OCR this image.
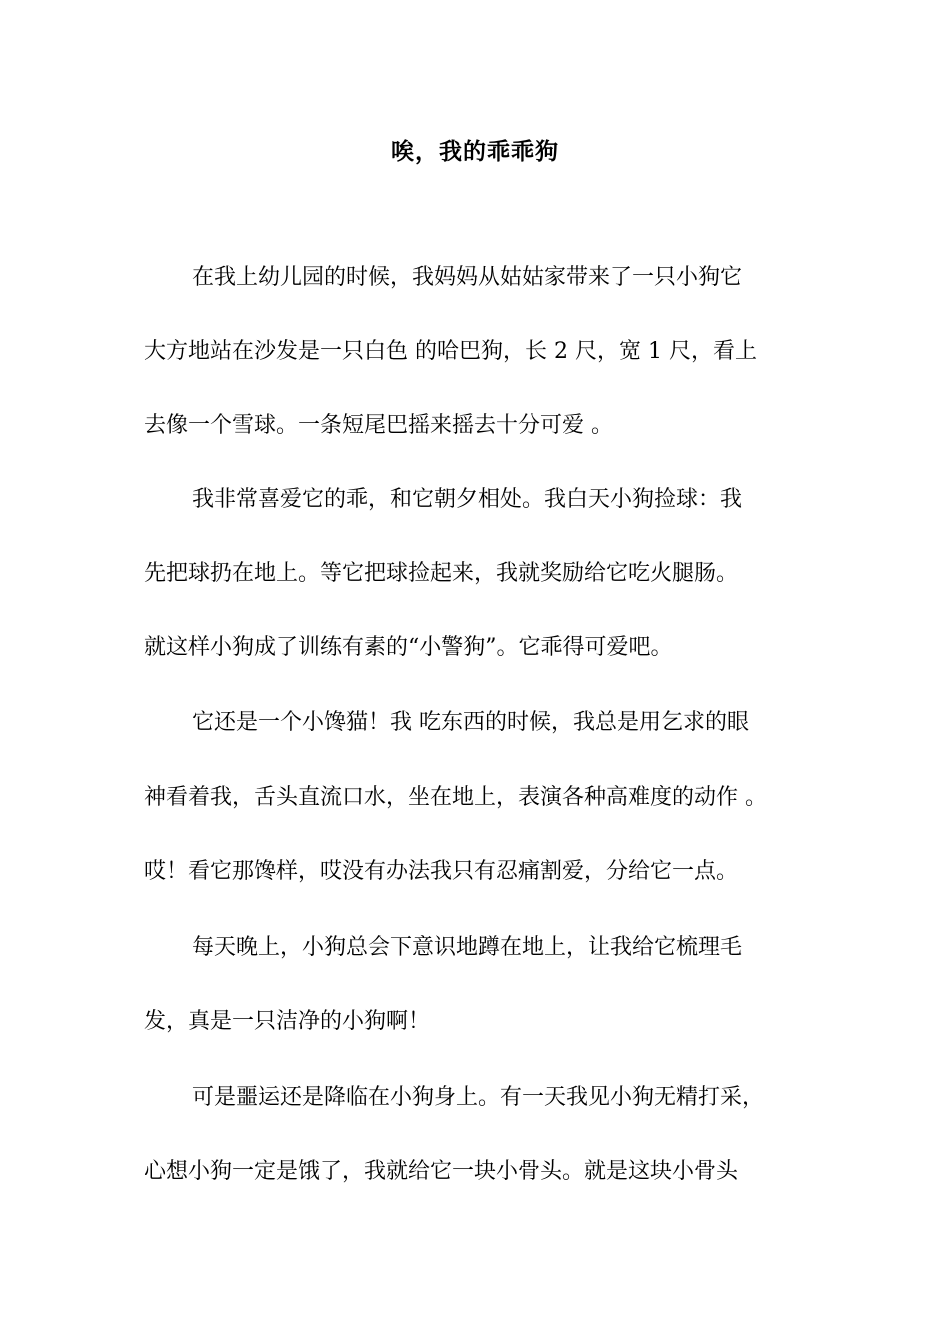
唉，我的乖乖狗
在我上幼儿园的时候，我妈妈从姑姑家带来了一只小狗它
大方地站在沙发是一只白色 的哈巴狗，长 2 尺，宽 1 尺，看上
去像一个雪球。一条短尾巴摇来摇去十分可爱 。
我非常喜爱它的乖，和它朝夕相处。我白天小狗捡球：我
先把球扔在地上。等它把球捡起来，我就奖励给它吃火腿肠。
就这样小狗成了训练有素的“小警狗”。它乖得可爱吧。
它还是一个小馋猫！我 吃东西的时候，我总是用乞求的眼
神看着我，舌头直流口水，坐在地上，表演各种高难度的动作 。
哎！看它那馋样，哎没有办法我只有忍痛割爱，分给它一点。
每天晚上，小狗总会下意识地蹲在地上，让我给它梳理毛
发，真是一只洁净的小狗啊！
可是噩运还是降临在小狗身上。有一天我见小狗无精打采，
心想小狗一定是饿了，我就给它一块小骨头。就是这块小骨头
